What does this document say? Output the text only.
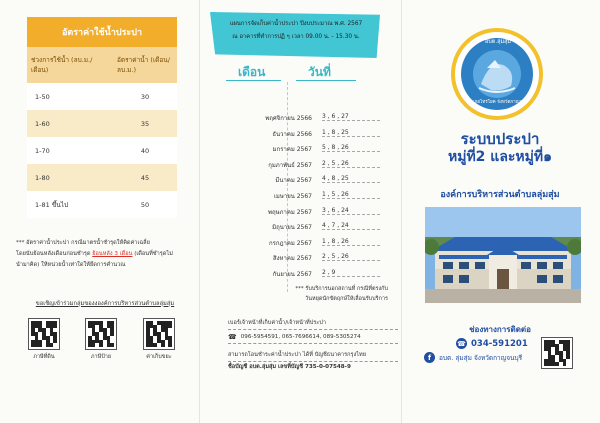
อัตราค่าใช้น้ำประปา
ช่วงการใช้น้ำ (ลบ.ม./เดือน)	อัตราค่าน้ำ (เดือน/ลบ.ม.)
1-50	30
1-60	35
1-70	40
1-80	45
1-81 ขึ้นไป	50
*** อัตราค่าน้ำประปา กรณีมาตรน้ำชำรุดให้คิดค่าเฉลี่ย
โดยนับย้อนหลังเดือนก่อนชำรุด ย้อนหลัง 3 เดือน (เดือนที่ชำรุดไม่
นำมาคิด) ให้หน่วยน้ำเท่าใดให้ยึดการคำนวณ
ขอเชิญเข้าร่วมกลุ่มของงองค์การบริหารส่วนตำบลลุ่มสุ่ม
ภาษีที่ดิน	ภาษีป้าย	ค่าเก็บขยะ
แผนการจัดเก็บค่าน้ำประปา ปีงบประมาณ พ.ศ. 2567
ณ อาคารที่ทำการปฏิ ๆ เวลา 09.00 น. - 15.30 น.
เดือน	วันที่
พฤศจิกายน 2566 3 , 6 , 27
ธันวาคม 2566 1 , 8 , 25
มกราคม 2567 5 , 8 , 26
กุมภาพันธ์ 2567 2 , 5 , 26
มีนาคม 2567 4 , 8 , 25
เมษายน 2567 1 , 5 , 26
พฤษภาคม 2567 3 , 6 , 24
มิถุนายน 2567 4 , 7 , 24
กรกฎาคม 2567 1 , 8 , 26
สิงหาคม 2567 2 , 5 , 26
กันยายน 2567 2 , 9
*** รับบริการนอกสถานที่ กรณีที่ตรงกับ
วันหยุดนักขัตฤกษ์ให้เลื่อนรับบริการ
เบอร์เจ้าหน้าที่เก็บค่าน้ำ/เจ้าหน้าที่ประปา
☎ 096-5954591, 065-7696614, 089-5305274
สามารถโอนชำระค่าน้ำประปา ได้ที่ บัญชีธนาคารกรุงไทย
ชื่อบัญชี อบต.ลุ่มสุ่ม เลขที่บัญชี 735-0-07548-9
อบต.ลุ่มสุ่ม
อำเภอไทรโยค จังหวัดกาญจนบุรี
ระบบประปา
หมู่ที่2 และหมู่ที่๑
องค์การบริหารส่วนตำบลลุ่มสุ่ม
ช่องทางการติดต่อ
☎ 034-591201
f	อบต. ลุ่มสุ่ม จังหวัดกาญจนบุรี
